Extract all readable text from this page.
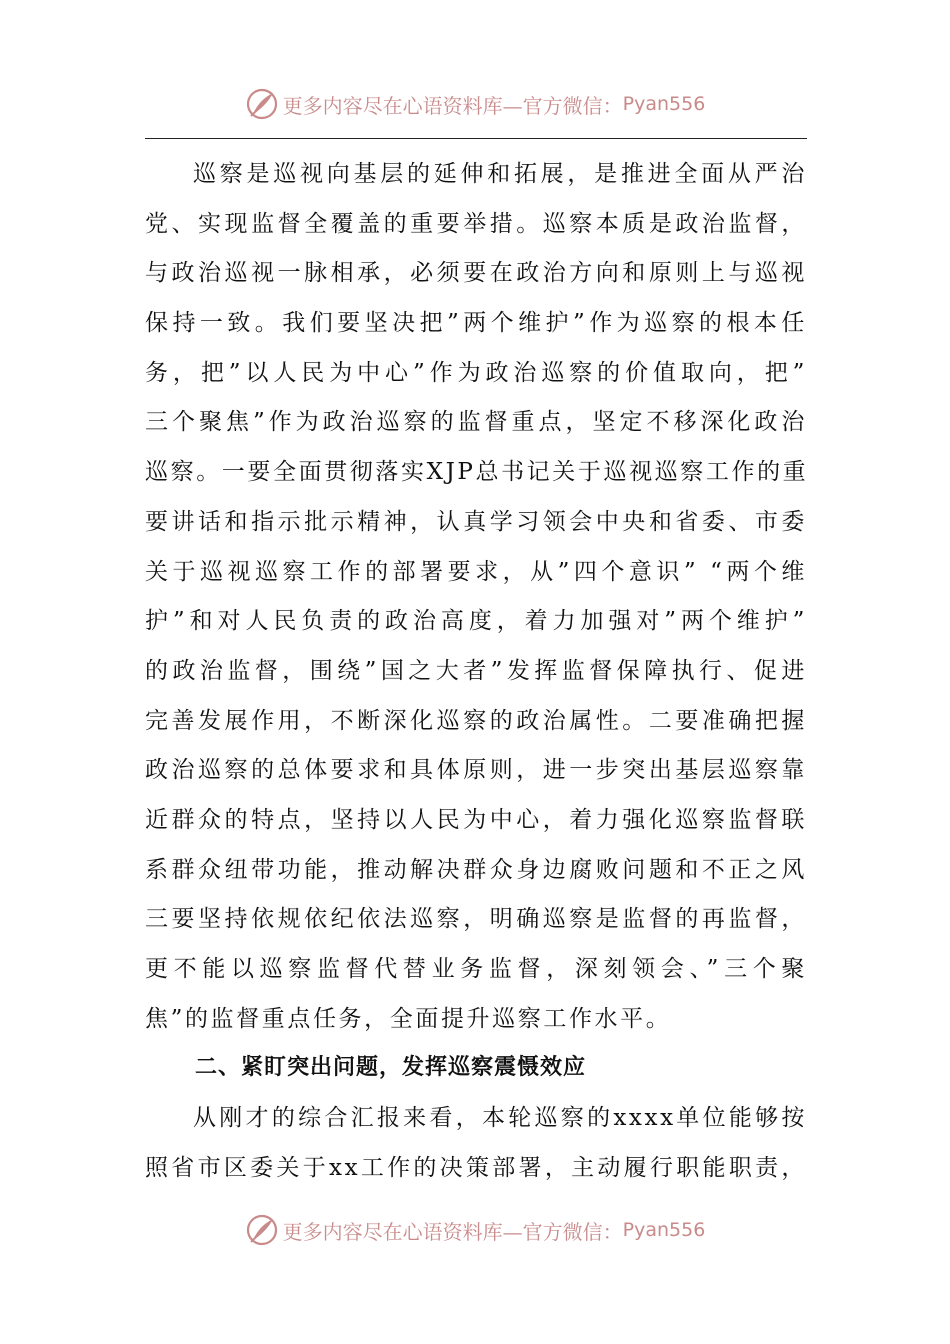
更多内容尽在心语资料库—官方微信： Pyan556
巡察是巡视向基层的延伸和拓展，是推进全面从严治
党、实现监督全覆盖的重要举措。巡察本质是政治监督，
与政治巡视一脉相承，必须要在政治方向和原则上与巡视
保持一致。我们要坚决把”两个维护”作为巡察的根本任
务，把”以人民为中心”作为政治巡察的价值取向，把”
三个聚焦”作为政治巡察的监督重点，坚定不移深化政治
巡察。一要全面贯彻落实XJP总书记关于巡视巡察工作的重
要讲话和指示批示精神，认真学习领会中央和省委、市委
关于巡视巡察工作的部署要求，从”四个意识” “两个维
护”和对人民负责的政治高度，着力加强对”两个维护”
的政治监督，围绕”国之大者”发挥监督保障执行、促进
完善发展作用，不断深化巡察的政治属性。二要准确把握
政治巡察的总体要求和具体原则，进一步突出基层巡察靠
近群众的特点，坚持以人民为中心，着力强化巡察监督联
系群众纽带功能，推动解决群众身边腐败问题和不正之风
三要坚持依规依纪依法巡察，明确巡察是监督的再监督，
更不能以巡察监督代替业务监督，深刻领会、”三个聚
焦”的监督重点任务，全面提升巡察工作水平。
二、紧盯突出问题，发挥巡察震慑效应
从刚才的综合汇报来看，本轮巡察的xxxx单位能够按
照省市区委关于xx工作的决策部署，主动履行职能职责，
更多内容尽在心语资料库—官方微信： Pyan556
